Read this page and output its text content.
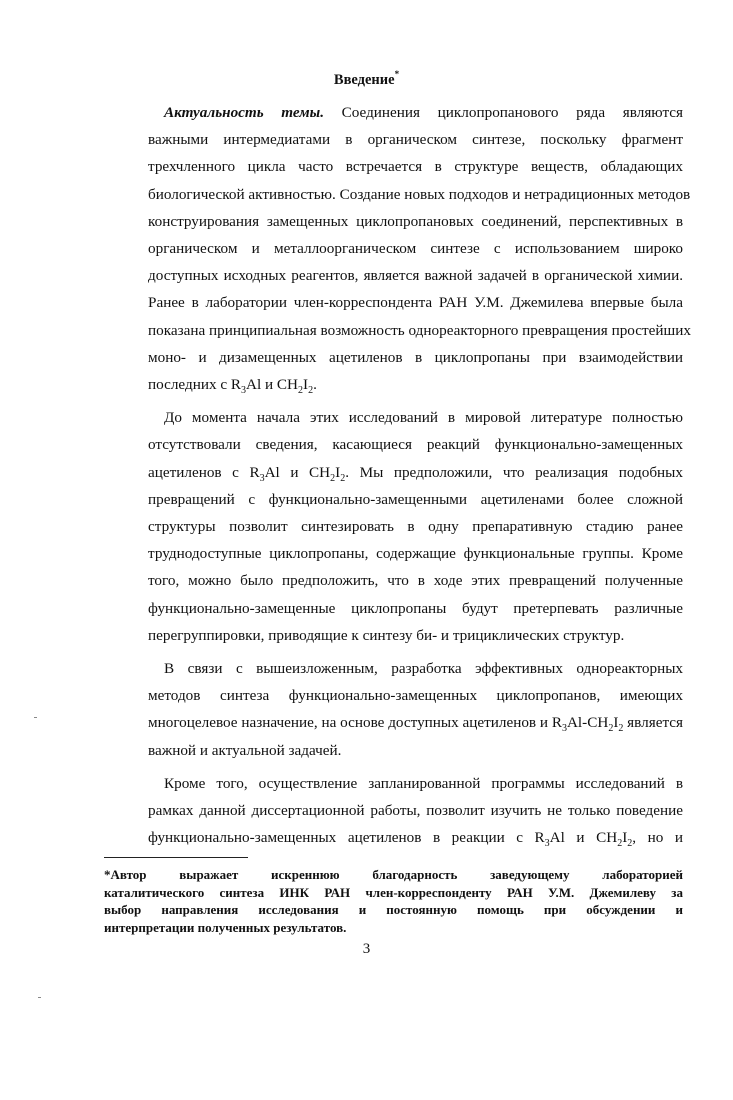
Введение*
Актуальность темы. Соединения циклопропанового ряда являются
важными интермедиатами в органическом синтезе, поскольку фрагмент
трехчленного цикла часто встречается в структуре веществ, обладающих
биологической активностью. Создание новых подходов и нетрадиционных методов
конструирования замещенных циклопропановых соединений, перспективных в
органическом и металлоорганическом синтезе с использованием широко
доступных исходных реагентов, является важной задачей в органической химии.
Ранее в лаборатории член-корреспондента РАН У.М. Джемилева впервые была
показана принципиальная возможность однореакторного превращения простейших
моно- и дизамещенных ацетиленов в циклопропаны при взаимодействии
последних с $R_3Al$ и $CH_2I_2$.
До момента начала этих исследований в мировой литературе полностью
отсутствовали сведения, касающиеся реакций функционально-замещенных
ацетиленов с $R_3Al$ и $CH_2I_2$. Мы предположили, что реализация подобных
превращений с функционально-замещенными ацетиленами более сложной
структуры позволит синтезировать в одну препаративную стадию ранее
труднодоступные циклопропаны, содержащие функциональные группы. Кроме
того, можно было предположить, что в ходе этих превращений полученные
функционально-замещенные циклопропаны будут претерпевать различные
перегруппировки, приводящие к синтезу би- и трициклических структур.
В связи с вышеизложенным, разработка эффективных однореакторных
методов синтеза функционально-замещенных циклопропанов, имеющих
многоцелевое назначение, на основе доступных ацетиленов и $R_3Al-CH_2I_2$ является
важной и актуальной задачей.
Кроме того, осуществление запланированной программы исследований в
рамках данной диссертационной работы, позволит изучить не только поведение
функционально-замещенных ацетиленов в реакции с $R_3Al$ и $CH_2I_2$, но и
*Автор выражает искреннюю благодарность заведующему лабораторией
каталитического синтеза ИНК РАН член-корреспонденту РАН У.М. Джемилеву за
выбор направления исследования и постоянную помощь при обсуждении и
интерпретации полученных результатов.
3
